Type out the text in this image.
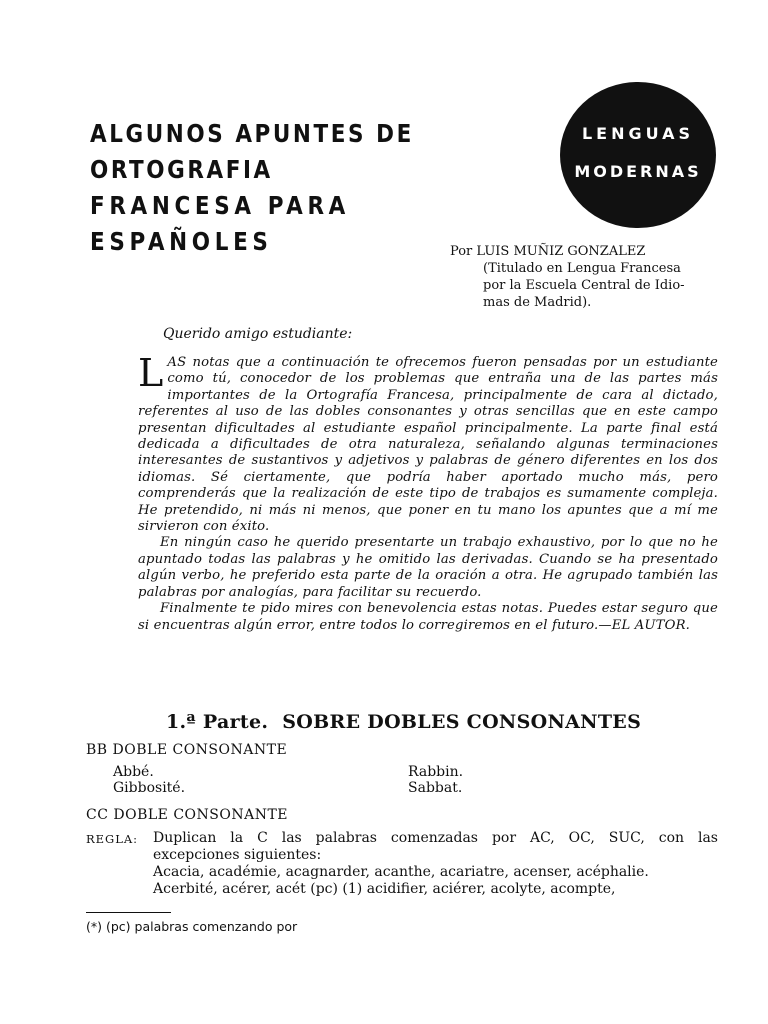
ALGUNOS APUNTES DE ORTOGRAFIA
FRANCESA PARA ESPAÑOLES
LENGUAS
MODERNAS
Por LUIS MUÑIZ GONZALEZ
(Titulado en Lengua Francesa
por la Escuela Central de Idio-
mas de Madrid).
Querido amigo estudiante:

LAS notas que a continuación te ofrecemos fueron pensadas por un estudiante como tú, conocedor de los problemas que entraña una de las partes más importantes de la Ortografía Francesa, principalmente de cara al dictado, referentes al uso de las dobles consonantes y otras sencillas que en este campo presentan dificultades al estudiante español principalmente. La parte final está dedicada a dificultades de otra naturaleza, señalando algunas terminaciones interesantes de sustantivos y adjetivos y palabras de género diferentes en los dos idiomas. Sé ciertamente, que podría haber aportado mucho más, pero comprenderás que la realización de este tipo de trabajos es sumamente compleja. He pretendido, ni más ni menos, que poner en tu mano los apuntes que a mí me sirvieron con éxito.

En ningún caso he querido presentarte un trabajo exhaustivo, por lo que no he apuntado todas las palabras y he omitido las derivadas. Cuando se ha presentado algún verbo, he preferido esta parte de la oración a otra. He agrupado también las palabras por analogías, para facilitar su recuerdo.

Finalmente te pido mires con benevolencia estas notas. Puedes estar seguro que si encuentras algún error, entre todos lo corregiremos en el futuro.—EL AUTOR.

1.ª Parte. SOBRE DOBLES CONSONANTES
BB DOBLE CONSONANTE
Abbé.
Gibbosité.
Rabbin.
Sabbat.
CC DOBLE CONSONANTE
REGLA: Duplican la C las palabras comenzadas por AC, OC, SUC, con las
excepciones siguientes:
Acacia, académie, acagnarder, acanthe, acariatre, acenser, acéphalie.
Acerbité, acérer, acét (pc) (1) acidifier, aciérer, acolyte, acompte,
(*) (pc) palabras comenzando por
